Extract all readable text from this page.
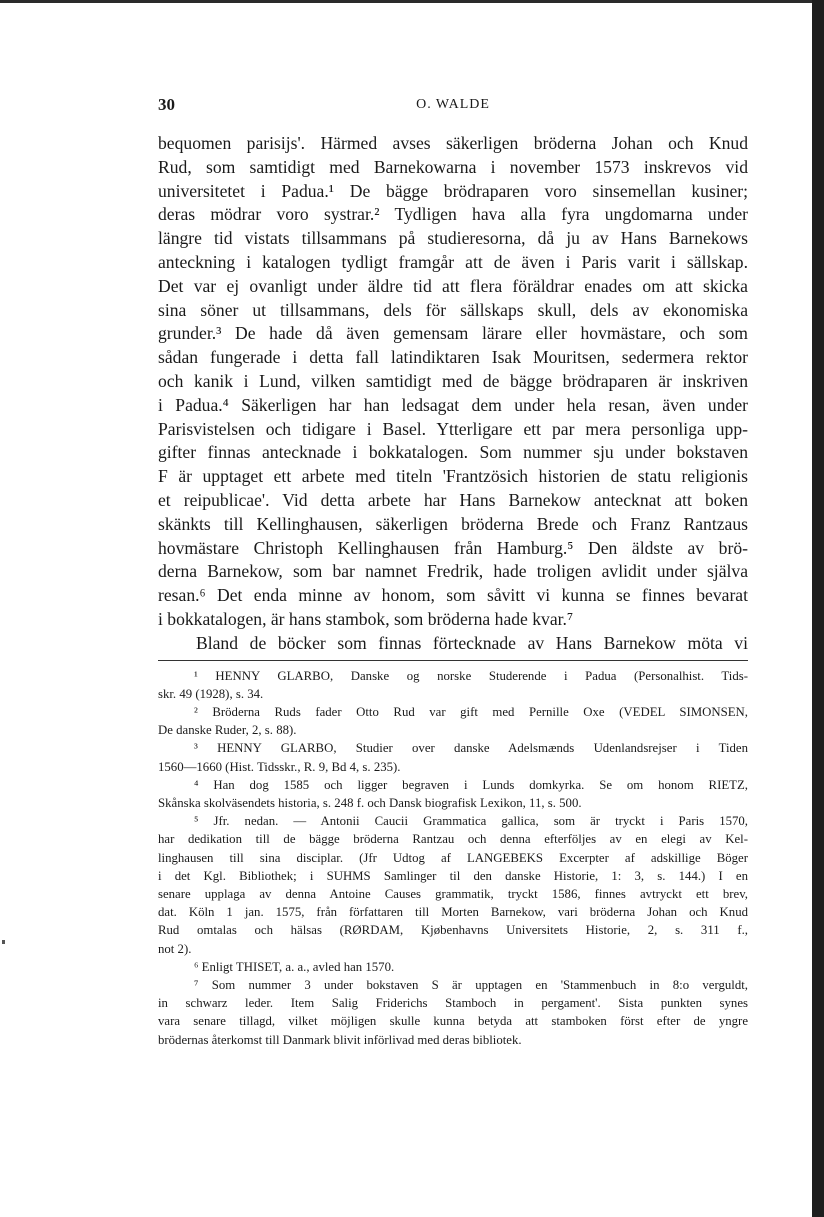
30	O. WALDE
bequomen parisijs'. Härmed avses säkerligen bröderna Johan och Knud
Rud, som samtidigt med Barnekowarna i november 1573 inskrevos vid
universitetet i Padua.¹ De bägge brödraparen voro sinsemellan kusiner;
deras mödrar voro systrar.² Tydligen hava alla fyra ungdomarna under
längre tid vistats tillsammans på studieresorna, då ju av Hans Barnekows
anteckning i katalogen tydligt framgår att de även i Paris varit i sällskap.
Det var ej ovanligt under äldre tid att flera föräldrar enades om att skicka
sina söner ut tillsammans, dels för sällskaps skull, dels av ekonomiska
grunder.³ De hade då även gemensam lärare eller hovmästare, och som
sådan fungerade i detta fall latindiktaren Isak Mouritsen, sedermera rektor
och kanik i Lund, vilken samtidigt med de bägge brödraparen är inskriven
i Padua.⁴ Säkerligen har han ledsagat dem under hela resan, även under
Parisvistelsen och tidigare i Basel. Ytterligare ett par mera personliga upp-
gifter finnas antecknade i bokkatalogen. Som nummer sju under bokstaven
F är upptaget ett arbete med titeln 'Frantzösich historien de statu religionis
et reipublicae'. Vid detta arbete har Hans Barnekow antecknat att boken
skänkts till Kellinghausen, säkerligen bröderna Brede och Franz Rantzaus
hovmästare Christoph Kellinghausen från Hamburg.⁵ Den äldste av brö-
derna Barnekow, som bar namnet Fredrik, hade troligen avlidit under själva
resan.⁶ Det enda minne av honom, som såvitt vi kunna se finnes bevarat
i bokkatalogen, är hans stambok, som bröderna hade kvar.⁷
Bland de böcker som finnas förtecknade av Hans Barnekow möta vi
¹ HENNY GLARBO, Danske og norske Studerende i Padua (Personalhist. Tids-
skr. 49 (1928), s. 34.
² Bröderna Ruds fader Otto Rud var gift med Pernille Oxe (VEDEL SIMONSEN,
De danske Ruder, 2, s. 88).
³ HENNY GLARBO, Studier over danske Adelsmænds Udenlandsrejser i Tiden
1560—1660 (Hist. Tidsskr., R. 9, Bd 4, s. 235).
⁴ Han dog 1585 och ligger begraven i Lunds domkyrka. Se om honom RIETZ,
Skånska skolväsendets historia, s. 248 f. och Dansk biografisk Lexikon, 11, s. 500.
⁵ Jfr. nedan. — Antonii Caucii Grammatica gallica, som är tryckt i Paris 1570,
har dedikation till de bägge bröderna Rantzau och denna efterföljes av en elegi av Kel-
linghausen till sina disciplar. (Jfr Udtog af LANGEBEKS Excerpter af adskillige Böger
i det Kgl. Bibliothek; i SUHMS Samlinger til den danske Historie, 1: 3, s. 144.) I en
senare upplaga av denna Antoine Causes grammatik, tryckt 1586, finnes avtryckt ett brev,
dat. Köln 1 jan. 1575, från författaren till Morten Barnekow, vari bröderna Johan och Knud
Rud omtalas och hälsas (RØRDAM, Kjøbenhavns Universitets Historie, 2, s. 311 f.,
not 2).
⁶ Enligt THISET, a. a., avled han 1570.
⁷ Som nummer 3 under bokstaven S är upptagen en 'Stammenbuch in 8:o verguldt,
in schwarz leder. Item Salig Friderichs Stamboch in pergament'. Sista punkten synes
vara senare tillagd, vilket möjligen skulle kunna betyda att stamboken först efter de yngre
brödernas återkomst till Danmark blivit införlivad med deras bibliotek.
